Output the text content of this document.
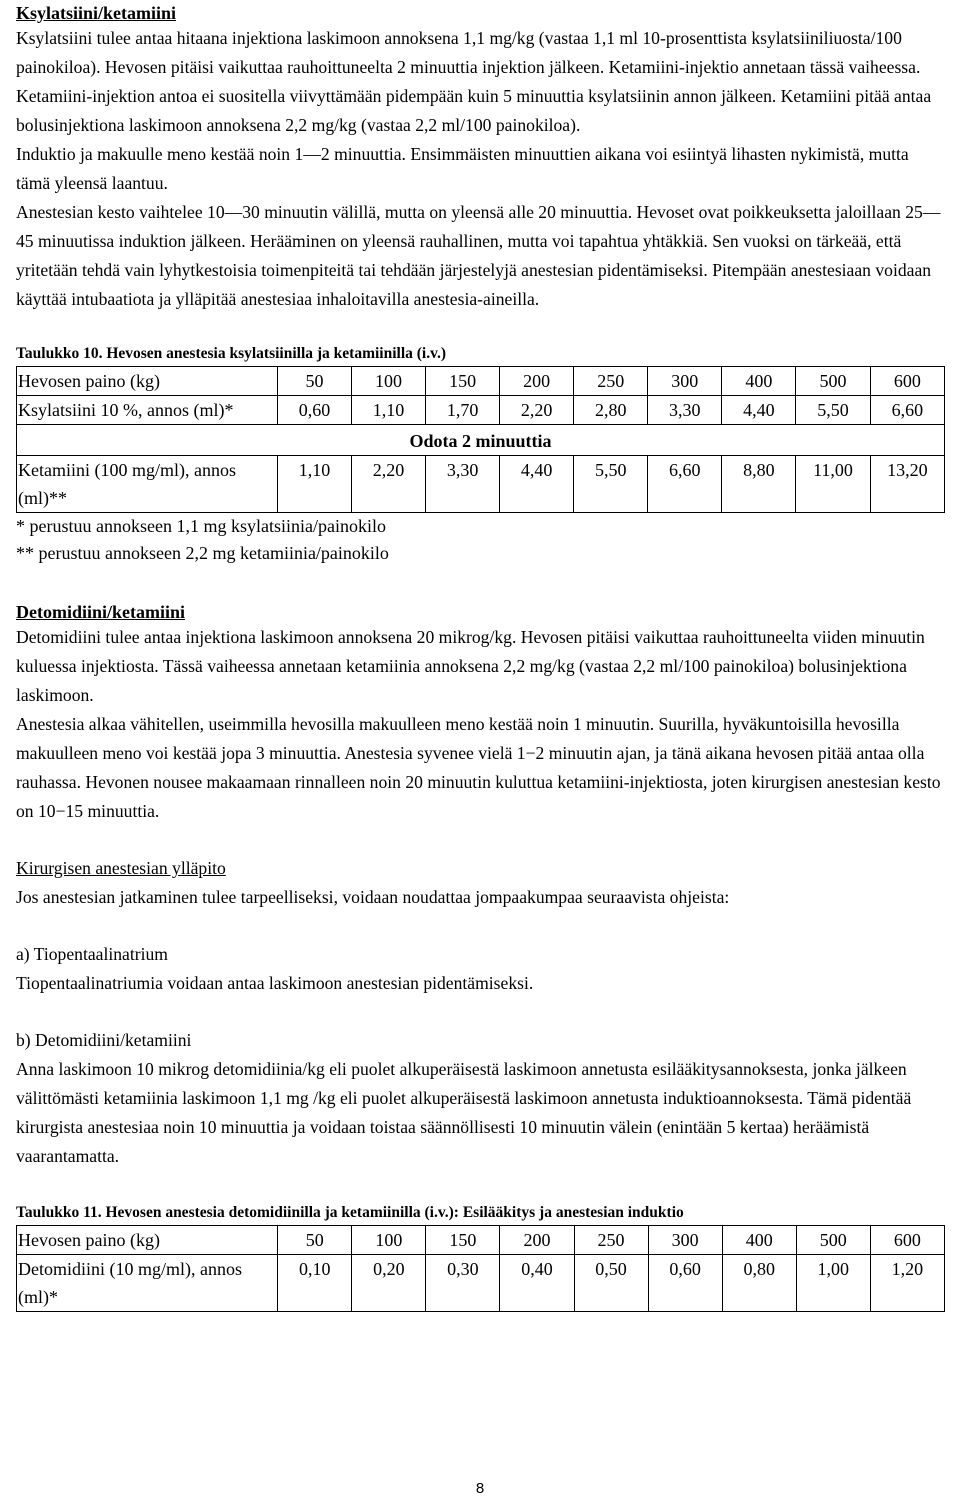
Ksylatsiini/ketamiini

Ksylatsiini tulee antaa hitaana injektiona laskimoon annoksena 1,1 mg/kg (vastaa 1,1 ml 10-prosenttista ksylatsiiniliuosta/100 painokiloa). Hevosen pitäisi vaikuttaa rauhoittuneelta 2 minuuttia injektion jälkeen. Ketamiini-injektio annetaan tässä vaiheessa. Ketamiini-injektion antoa ei suositella viivyttämään pidempään kuin 5 minuuttia ksylatsiinin annon jälkeen. Ketamiini pitää antaa bolusinjektiona laskimoon annoksena 2,2 mg/kg (vastaa 2,2 ml/100 painokiloa).

Induktio ja makuulle meno kestää noin 1—2 minuuttia. Ensimmäisten minuuttien aikana voi esiintyä lihasten nykimistä, mutta tämä yleensä laantuu.

Anestesian kesto vaihtelee 10—30 minuutin välillä, mutta on yleensä alle 20 minuuttia. Hevoset ovat poikkeuksetta jaloillaan 25—45 minuutissa induktion jälkeen. Herääminen on yleensä rauhallinen, mutta voi tapahtua yhtäkkiä. Sen vuoksi on tärkeää, että yritetään tehdä vain lyhytkestoisia toimenpiteitä tai tehdään järjestelyjä anestesian pidentämiseksi. Pitempään anestesiaan voidaan käyttää intubaatiota ja ylläpitää anestesiaa inhaloitavilla anestesia-aineilla.

Taulukko 10. Hevosen anestesia ksylatsiinilla ja ketamiinilla (i.v.)

Hevosen paino (kg)	50	100	150	200	250	300	400	500	600
Ksylatsiini 10 %, annos (ml)*	0,60	1,10	1,70	2,20	2,80	3,30	4,40	5,50	6,60
Odota 2 minuuttia									
Ketamiini (100 mg/ml), annos (ml)**	1,10	2,20	3,30	4,40	5,50	6,60	8,80	11,00	13,20

* perustuu annokseen 1,1 mg ksylatsiinia/painokilo

** perustuu annokseen 2,2 mg ketamiinia/painokilo

Detomidiini/ketamiini

Detomidiini tulee antaa injektiona laskimoon annoksena 20 mikrog/kg. Hevosen pitäisi vaikuttaa rauhoittuneelta viiden minuutin kuluessa injektiosta. Tässä vaiheessa annetaan ketamiinia annoksena 2,2 mg/kg (vastaa 2,2 ml/100 painokiloa) bolusinjektiona laskimoon.

Anestesia alkaa vähitellen, useimmilla hevosilla makuulleen meno kestää noin 1 minuutin. Suurilla, hyväkuntoisilla hevosilla makuulleen meno voi kestää jopa 3 minuuttia. Anestesia syvenee vielä 1−2 minuutin ajan, ja tänä aikana hevosen pitää antaa olla rauhassa. Hevonen nousee makaamaan rinnalleen noin 20 minuutin kuluttua ketamiini-injektiosta, joten kirurgisen anestesian kesto on 10−15 minuuttia.

Kirurgisen anestesian ylläpito

Jos anestesian jatkaminen tulee tarpeelliseksi, voidaan noudattaa jompaakumpaa seuraavista ohjeista:

a) Tiopentaalinatrium

Tiopentaalinatriumia voidaan antaa laskimoon anestesian pidentämiseksi.

b) Detomidiini/ketamiini

Anna laskimoon 10 mikrog detomidiinia/kg eli puolet alkuperäisestä laskimoon annetusta esilääkitysannoksesta, jonka jälkeen välittömästi ketamiinia laskimoon 1,1 mg /kg eli puolet alkuperäisestä laskimoon annetusta induktioannoksesta. Tämä pidentää kirurgista anestesiaa noin 10 minuuttia ja voidaan toistaa säännöllisesti 10 minuutin välein (enintään 5 kertaa) heräämistä vaarantamatta.

Taulukko 11. Hevosen anestesia detomidiinilla ja ketamiinilla (i.v.): Esilääkitys ja anestesian induktio

Hevosen paino (kg)	50	100	150	200	250	300	400	500	600
Detomidiini (10 mg/ml), annos (ml)*	0,10	0,20	0,30	0,40	0,50	0,60	0,80	1,00	1,20
8
